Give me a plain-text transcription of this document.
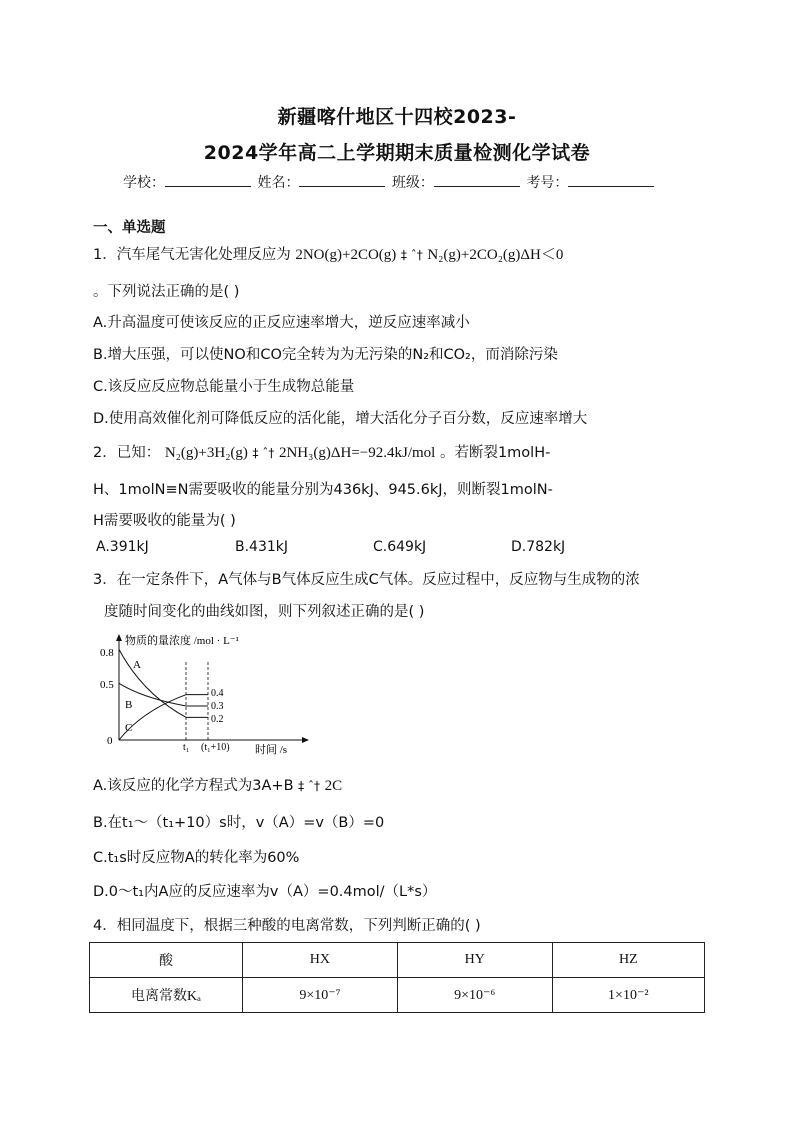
新疆喀什地区十四校2023-
2024学年高二上学期期末质量检测化学试卷
学校：	姓名：	班级：	考号：
一、单选题
1．汽车尾气无害化处理反应为 2NO(g)+2CO(g) ‡ ˆ† N₂(g)+2CO₂(g)ΔH＜0
。下列说法正确的是( )
A.升高温度可使该反应的正反应速率增大，逆反应速率减小
B.增大压强，可以使NO和CO完全转为为无污染的N₂和CO₂，而消除污染
C.该反应反应物总能量小于生成物总能量
D.使用高效催化剂可降低反应的活化能，增大活化分子百分数，反应速率增大
2．已知： N₂(g)+3H₂(g) ‡ ˆ† 2NH₃(g)ΔH=−92.4kJ/mol 。若断裂1molH-
H、1molN≡N需要吸收的能量分别为436kJ、945.6kJ，则断裂1molN-
H需要吸收的能量为( )
A.391kJ	B.431kJ	C.649kJ	D.782kJ
3．在一定条件下，A气体与B气体反应生成C气体。反应过程中，反应物与生成物的浓
度随时间变化的曲线如图，则下列叙述正确的是( )
物质的量浓度 /mol · L⁻¹
时间 /s
0.8
0.5
0
t₁ (t₁+10)
0.4
0.3
0.2
A
B
C
A.该反应的化学方程式为3A+B ‡ ˆ† 2C
B.在t₁～（t₁+10）s时，v（A）=v（B）=0
C.t₁s时反应物A的转化率为60%
D.0～t₁内A应的反应速率为v（A）=0.4mol/（L*s）
4．相同温度下，根据三种酸的电离常数，下列判断正确的( )
酸	HX	HY	HZ
电离常数Kₐ	9×10⁻⁷	9×10⁻⁶	1×10⁻²
